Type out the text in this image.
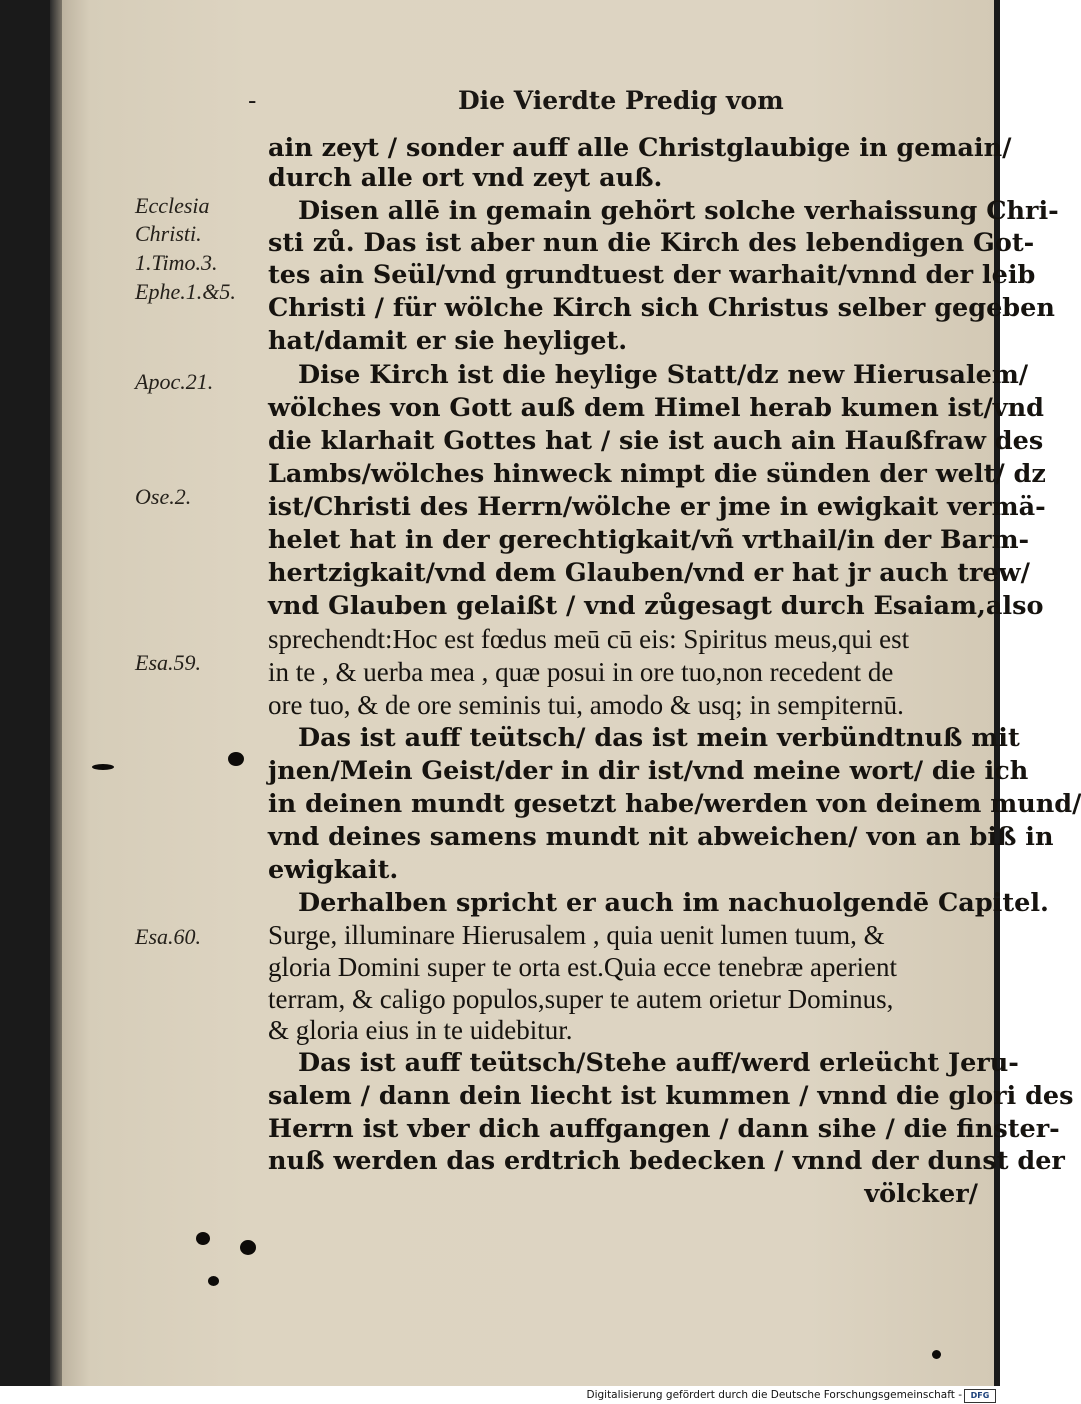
-	Die Vierdte Predig vom
Ecclesia
Christi.
1.Timo.3.
Ephe.1.&5.
Apoc.21.
Ose.2.
Esa.59.
Esa.60.
ain zeyt / sonder auff alle Christglaubige in gemain/
durch alle ort vnd zeyt auß.
Disen allē in gemain gehört solche verhaissung Chri-
sti zů. Das ist aber nun die Kirch des lebendigen Got-
tes ain Seül/vnd grundtuest der warhait/vnnd der leib
Christi / für wölche Kirch sich Christus selber gegeben
hat/damit er sie heyliget.
Dise Kirch ist die heylige Statt/dz new Hierusalem/
wölches von Gott auß dem Himel herab kumen ist/vnd
die klarhait Gottes hat / sie ist auch ain Haußfraw des
Lambs/wölches hinweck nimpt die sünden der welt/ dz
ist/Christi des Herrn/wölche er jme in ewigkait vermä-
helet hat in der gerechtigkait/vñ vrthail/in der Barm-
hertzigkait/vnd dem Glauben/vnd er hat jr auch trew/
vnd Glauben gelaißt / vnd zůgesagt durch Esaiam,also
sprechendt:Hoc est fœdus meū cū eis: Spiritus meus,qui est
in te , & uerba mea , quæ posui in ore tuo,non recedent de
ore tuo, & de ore seminis tui, amodo & usq; in sempiternū.
Das ist auff teütsch/ das ist mein verbündtnuß mit
jnen/Mein Geist/der in dir ist/vnd meine wort/ die ich
in deinen mundt gesetzt habe/werden von deinem mund/
vnd deines samens mundt nit abweichen/ von an biß in
ewigkait.
Derhalben spricht er auch im nachuolgendē Capitel.
Surge, illuminare Hierusalem , quia uenit lumen tuum, &
gloria Domini super te orta est.Quia ecce tenebræ aperient
terram, & caligo populos,super te autem orietur Dominus,
& gloria eius in te uidebitur.
Das ist auff teütsch/Stehe auff/werd erleücht Jeru-
salem / dann dein liecht ist kummen / vnnd die glori des
Herrn ist vber dich auffgangen / dann sihe / die finster-
nuß werden das erdtrich bedecken / vnnd der dunst der
völcker/
Digitalisierung gefördert durch die Deutsche Forschungsgemeinschaft -	DFG
